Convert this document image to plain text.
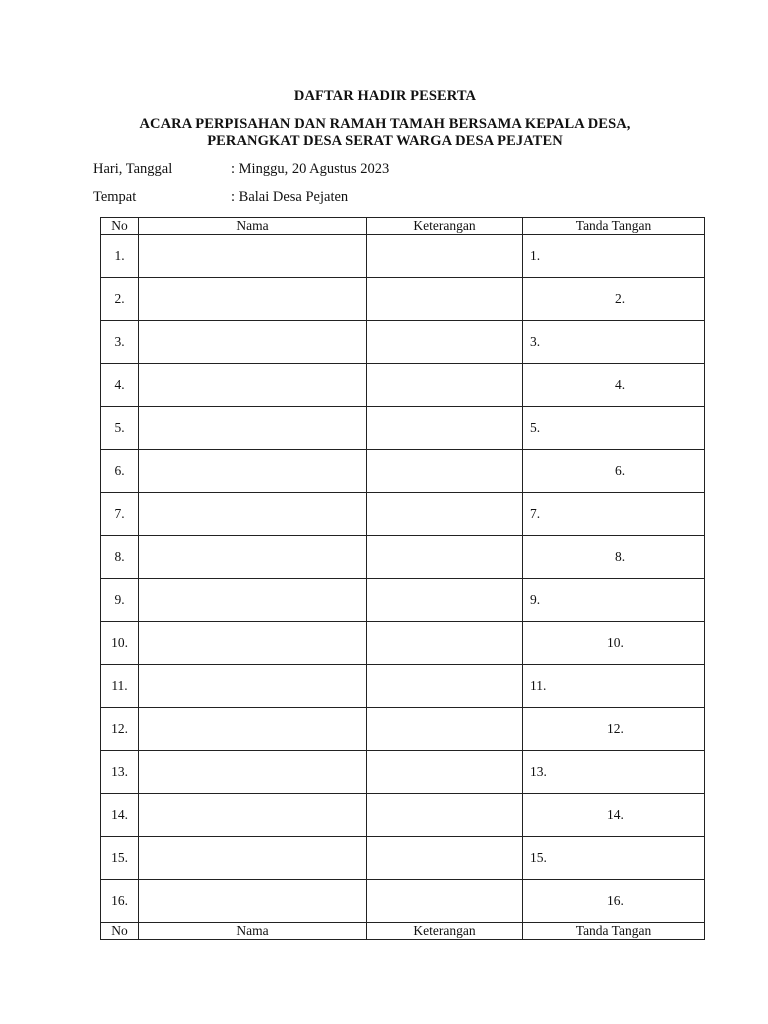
DAFTAR HADIR PESERTA
ACARA PERPISAHAN DAN RAMAH TAMAH BERSAMA KEPALA DESA,
PERANGKAT DESA SERAT WARGA DESA PEJATEN
Hari, Tanggal	: Minggu, 20 Agustus 2023
Tempat	: Balai Desa Pejaten
No	Nama	Keterangan	Tanda Tangan
1.			1.

2.			2.

3.			3.

4.			4.

5.			5.

6.			6.

7.			7.

8.			8.

9.			9.

10.			10.

11.			11.

12.			12.

13.			13.

14.			14.

15.			15.

16.			16.

No	Nama	Keterangan	Tanda Tangan
